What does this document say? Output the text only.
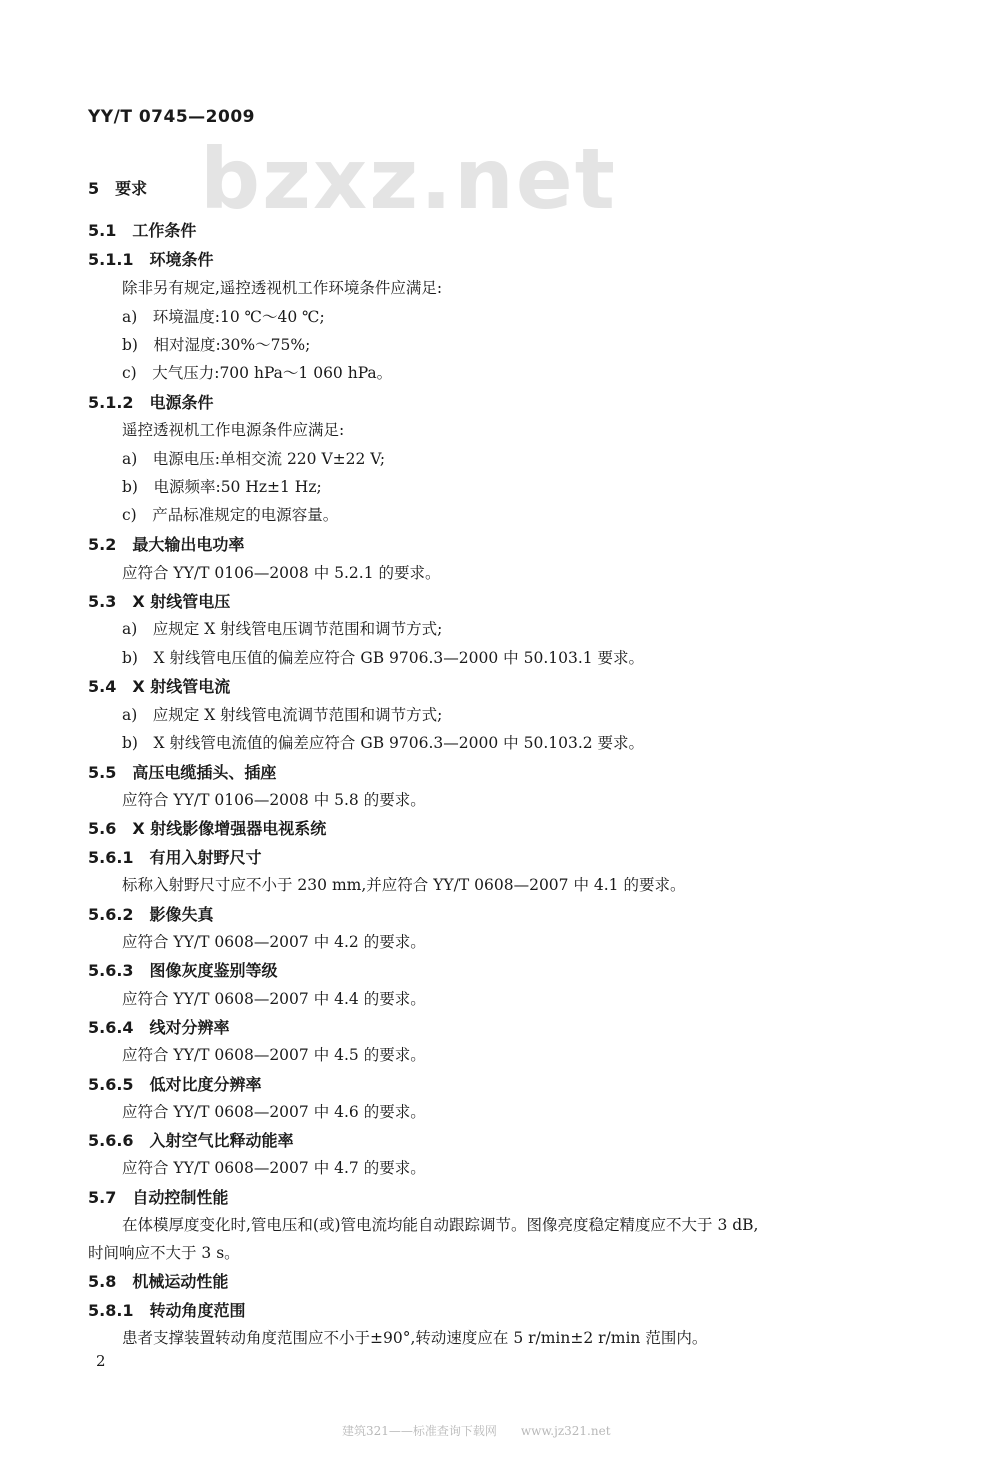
YY/T 0745—2009
bzxz.net
5　要求
5.1　工作条件
5.1.1　环境条件
除非另有规定,遥控透视机工作环境条件应满足:
a)　环境温度:10 ℃～40 ℃;
b)　相对湿度:30%～75%;
c)　大气压力:700 hPa～1 060 hPa。
5.1.2　电源条件
遥控透视机工作电源条件应满足:
a)　电源电压:单相交流 220 V±22 V;
b)　电源频率:50 Hz±1 Hz;
c)　产品标准规定的电源容量。
5.2　最大输出电功率
应符合 YY/T 0106—2008 中 5.2.1 的要求。
5.3　X 射线管电压
a)　应规定 X 射线管电压调节范围和调节方式;
b)　X 射线管电压值的偏差应符合 GB 9706.3—2000 中 50.103.1 要求。
5.4　X 射线管电流
a)　应规定 X 射线管电流调节范围和调节方式;
b)　X 射线管电流值的偏差应符合 GB 9706.3—2000 中 50.103.2 要求。
5.5　高压电缆插头、插座
应符合 YY/T 0106—2008 中 5.8 的要求。
5.6　X 射线影像增强器电视系统
5.6.1　有用入射野尺寸
标称入射野尺寸应不小于 230 mm,并应符合 YY/T 0608—2007 中 4.1 的要求。
5.6.2　影像失真
应符合 YY/T 0608—2007 中 4.2 的要求。
5.6.3　图像灰度鉴别等级
应符合 YY/T 0608—2007 中 4.4 的要求。
5.6.4　线对分辨率
应符合 YY/T 0608—2007 中 4.5 的要求。
5.6.5　低对比度分辨率
应符合 YY/T 0608—2007 中 4.6 的要求。
5.6.6　入射空气比释动能率
应符合 YY/T 0608—2007 中 4.7 的要求。
5.7　自动控制性能
在体模厚度变化时,管电压和(或)管电流均能自动跟踪调节。图像亮度稳定精度应不大于 3 dB,
时间响应不大于 3 s。
5.8　机械运动性能
5.8.1　转动角度范围
患者支撑装置转动角度范围应不小于±90°,转动速度应在 5 r/min±2 r/min 范围内。
2
建筑321——标准查询下载网　　www.jz321.net
